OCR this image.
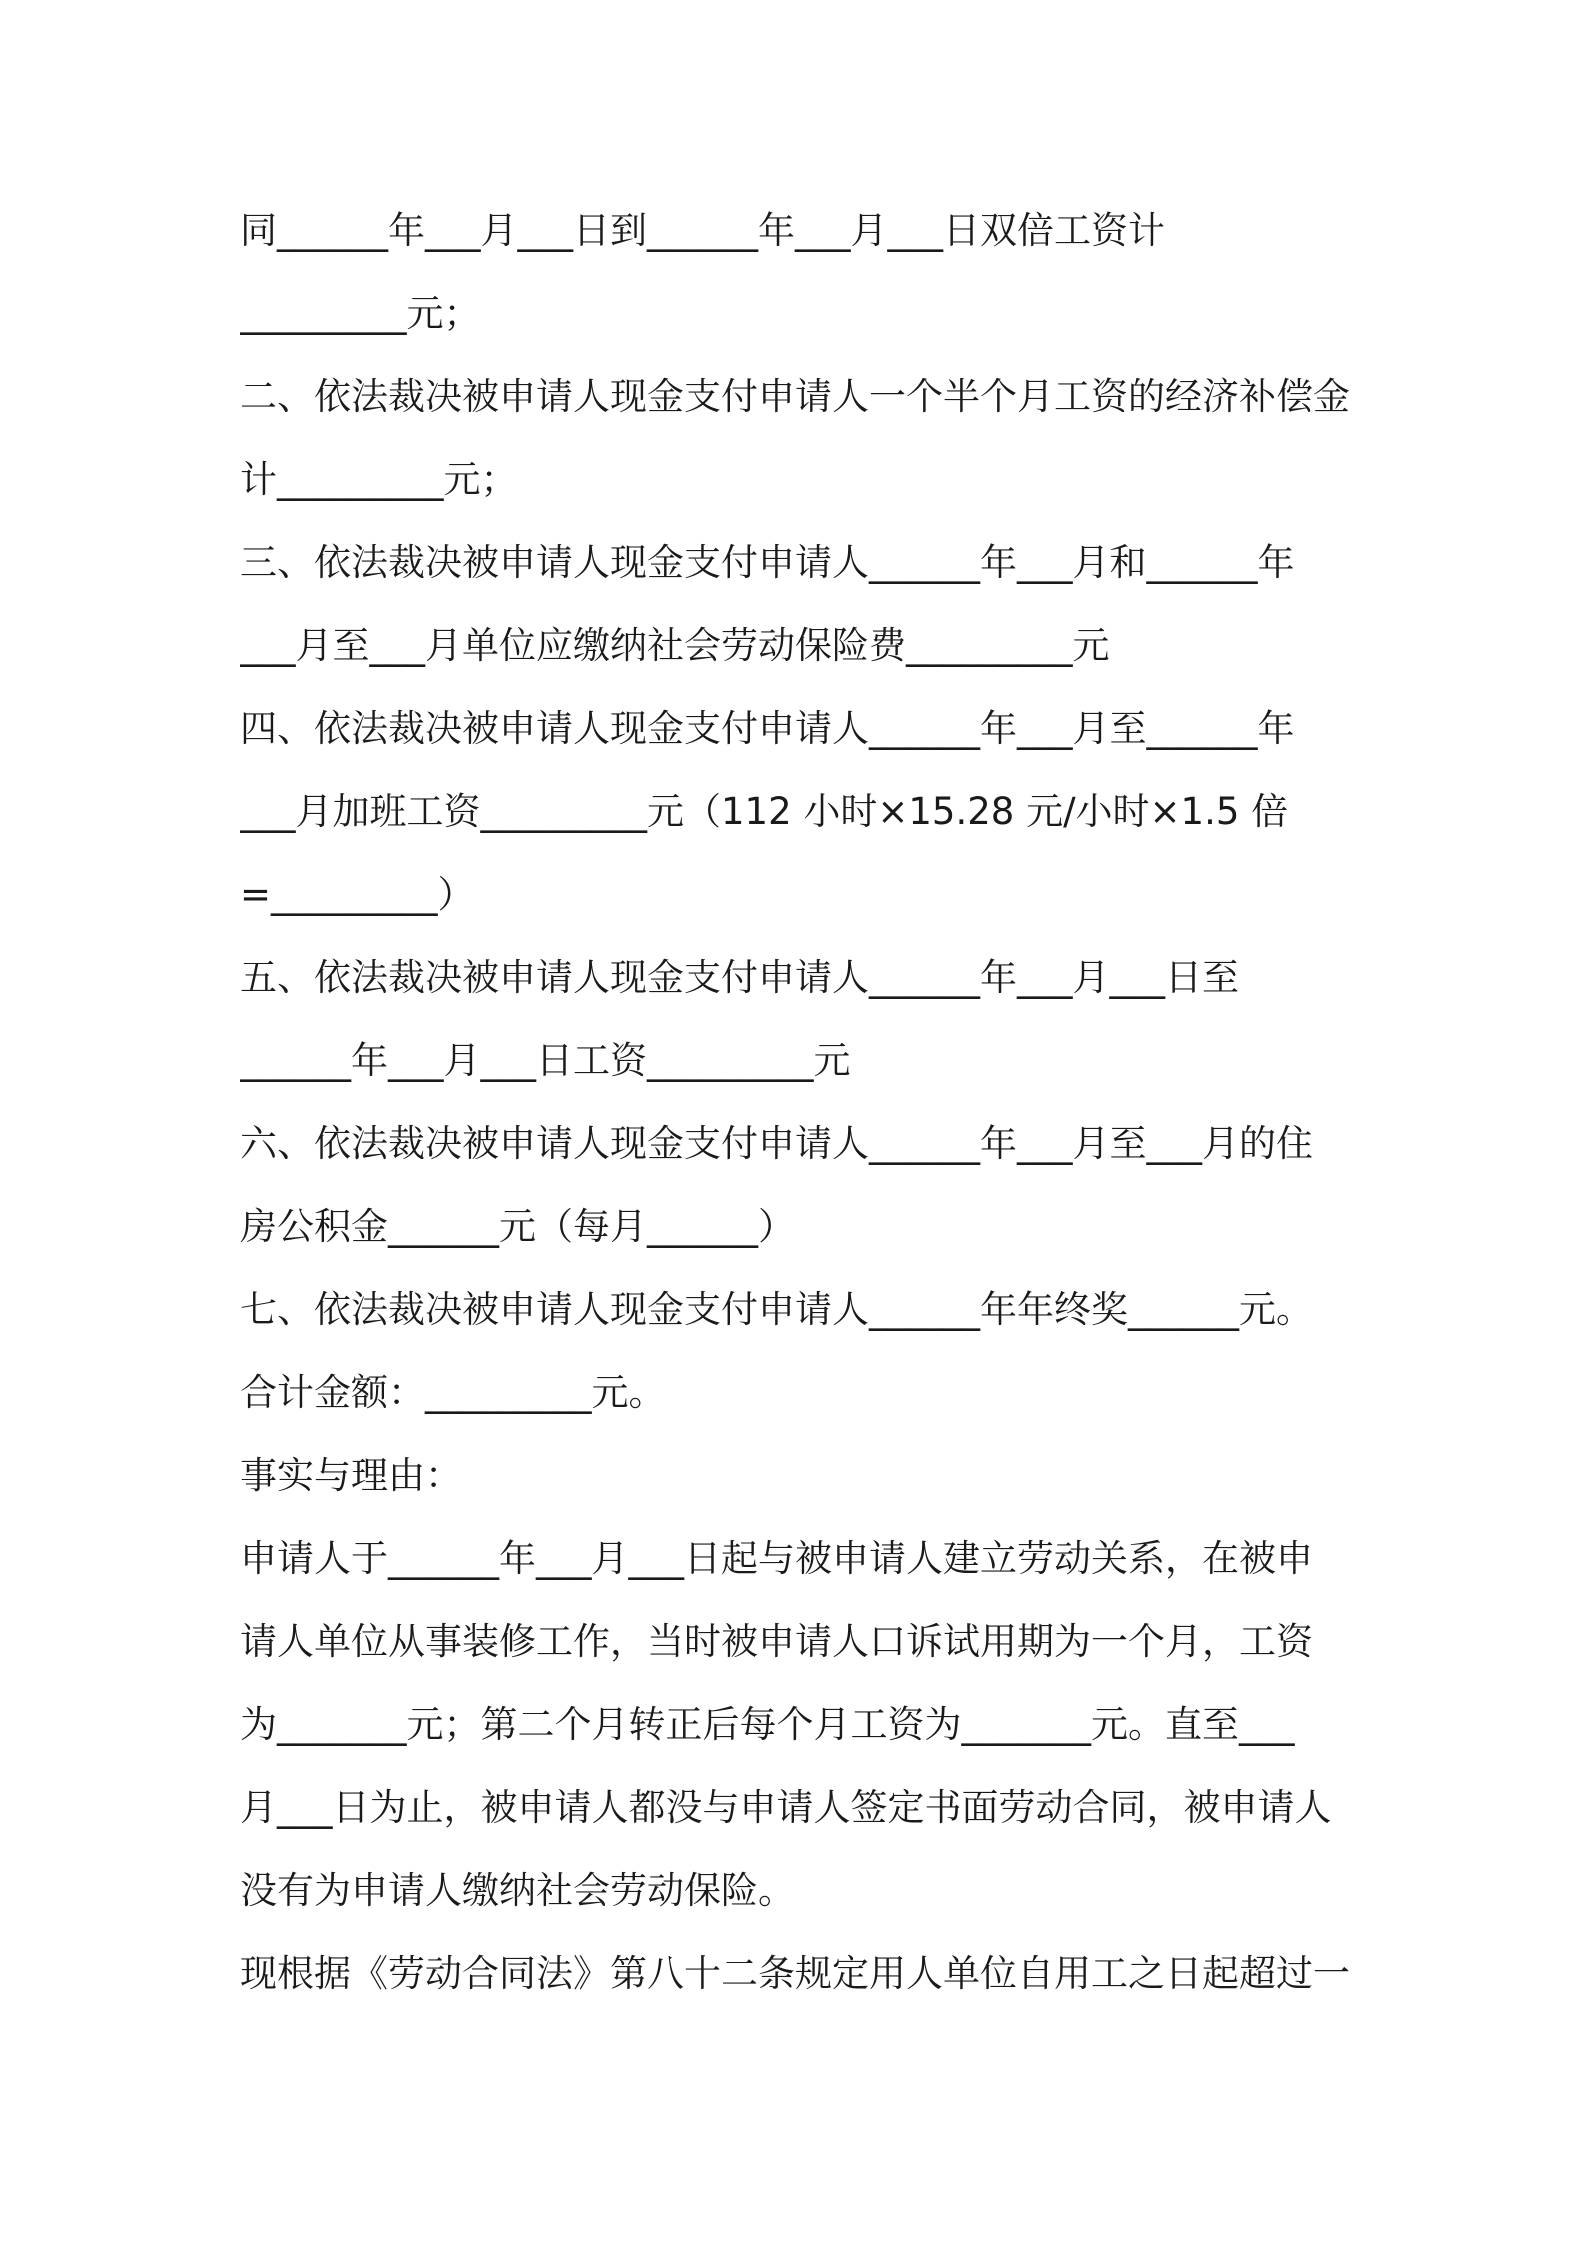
同______年___月___日到______年___月___日双倍工资计
_________元；
二、依法裁决被申请人现金支付申请人一个半个月工资的经济补偿金
计_________元；
三、依法裁决被申请人现金支付申请人______年___月和______年
___月至___月单位应缴纳社会劳动保险费_________元
四、依法裁决被申请人现金支付申请人______年___月至______年
___月加班工资_________元（112 小时×15.28 元/小时×1.5 倍
=_________）
五、依法裁决被申请人现金支付申请人______年___月___日至
______年___月___日工资_________元
六、依法裁决被申请人现金支付申请人______年___月至___月的住
房公积金______元（每月______）
七、依法裁决被申请人现金支付申请人______年年终奖______元。
合计金额：_________元。
事实与理由：
申请人于______年___月___日起与被申请人建立劳动关系，在被申
请人单位从事装修工作，当时被申请人口诉试用期为一个月，工资
为_______元；第二个月转正后每个月工资为_______元。直至___
月___日为止，被申请人都没与申请人签定书面劳动合同，被申请人
没有为申请人缴纳社会劳动保险。
现根据《劳动合同法》第八十二条规定用人单位自用工之日起超过一
